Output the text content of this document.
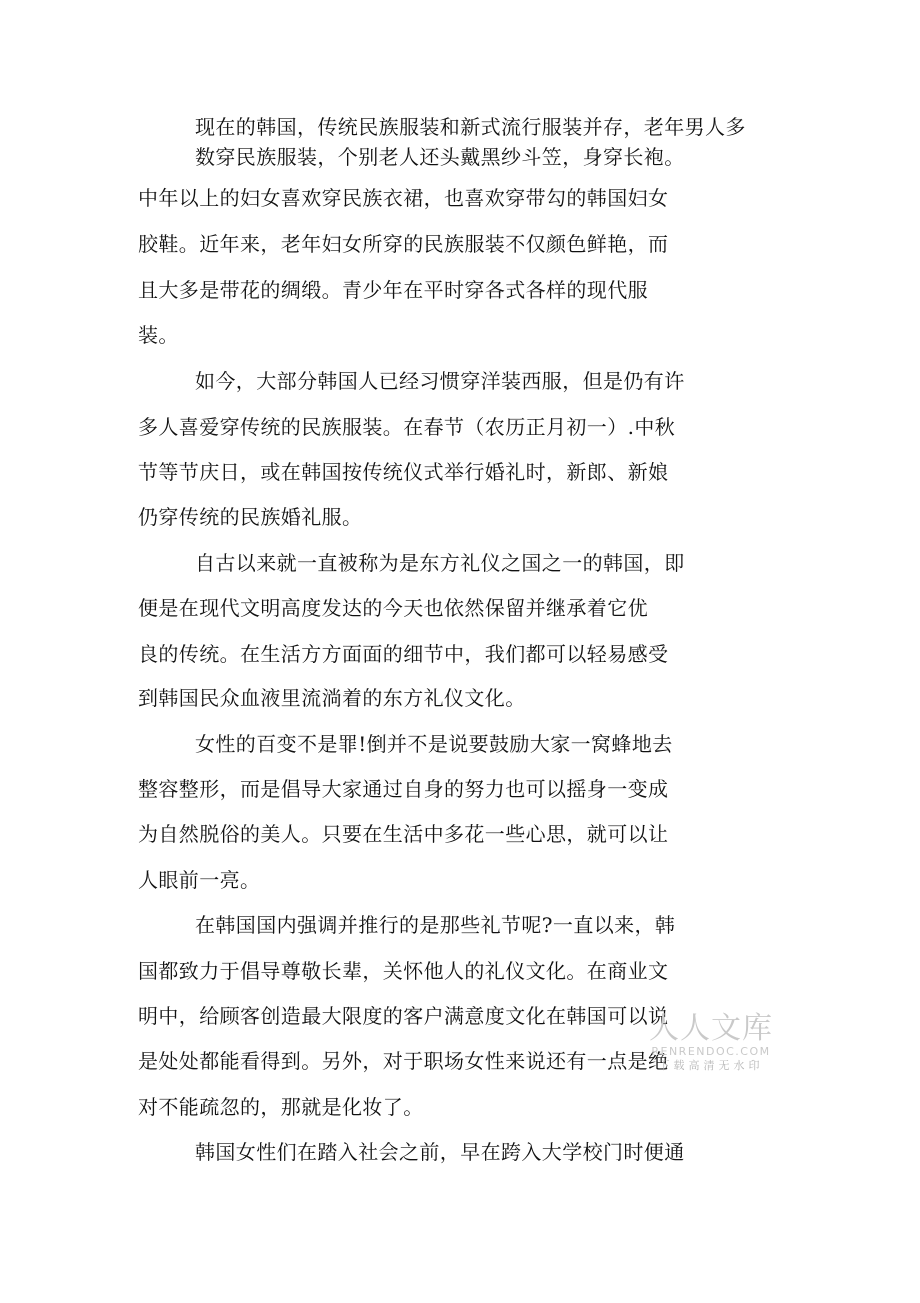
现在的韩国，传统民族服装和新式流行服装并存，老年男人多
数穿民族服装，个别老人还头戴黑纱斗笠，身穿长袍。
中年以上的妇女喜欢穿民族衣裙，也喜欢穿带勾的韩国妇女
胶鞋。近年来，老年妇女所穿的民族服装不仅颜色鲜艳，而
且大多是带花的绸缎。青少年在平时穿各式各样的现代服
装。
如今，大部分韩国人已经习惯穿洋装西服，但是仍有许
多人喜爱穿传统的民族服装。在春节（农历正月初一）.中秋
节等节庆日，或在韩国按传统仪式举行婚礼时，新郎、新娘
仍穿传统的民族婚礼服。
自古以来就一直被称为是东方礼仪之国之一的韩国，即
便是在现代文明高度发达的今天也依然保留并继承着它优
良的传统。在生活方方面面的细节中，我们都可以轻易感受
到韩国民众血液里流淌着的东方礼仪文化。
女性的百变不是罪!倒并不是说要鼓励大家一窝蜂地去
整容整形，而是倡导大家通过自身的努力也可以摇身一变成
为自然脱俗的美人。只要在生活中多花一些心思，就可以让
人眼前一亮。
在韩国国内强调并推行的是那些礼节呢?一直以来，韩
国都致力于倡导尊敬长辈，关怀他人的礼仪文化。在商业文
明中，给顾客创造最大限度的客户满意度文化在韩国可以说
是处处都能看得到。另外，对于职场女性来说还有一点是绝
对不能疏忽的，那就是化妆了。
韩国女性们在踏入社会之前，早在跨入大学校门时便通
人人文库
RENRENDOC.COM
下载高清无水印
